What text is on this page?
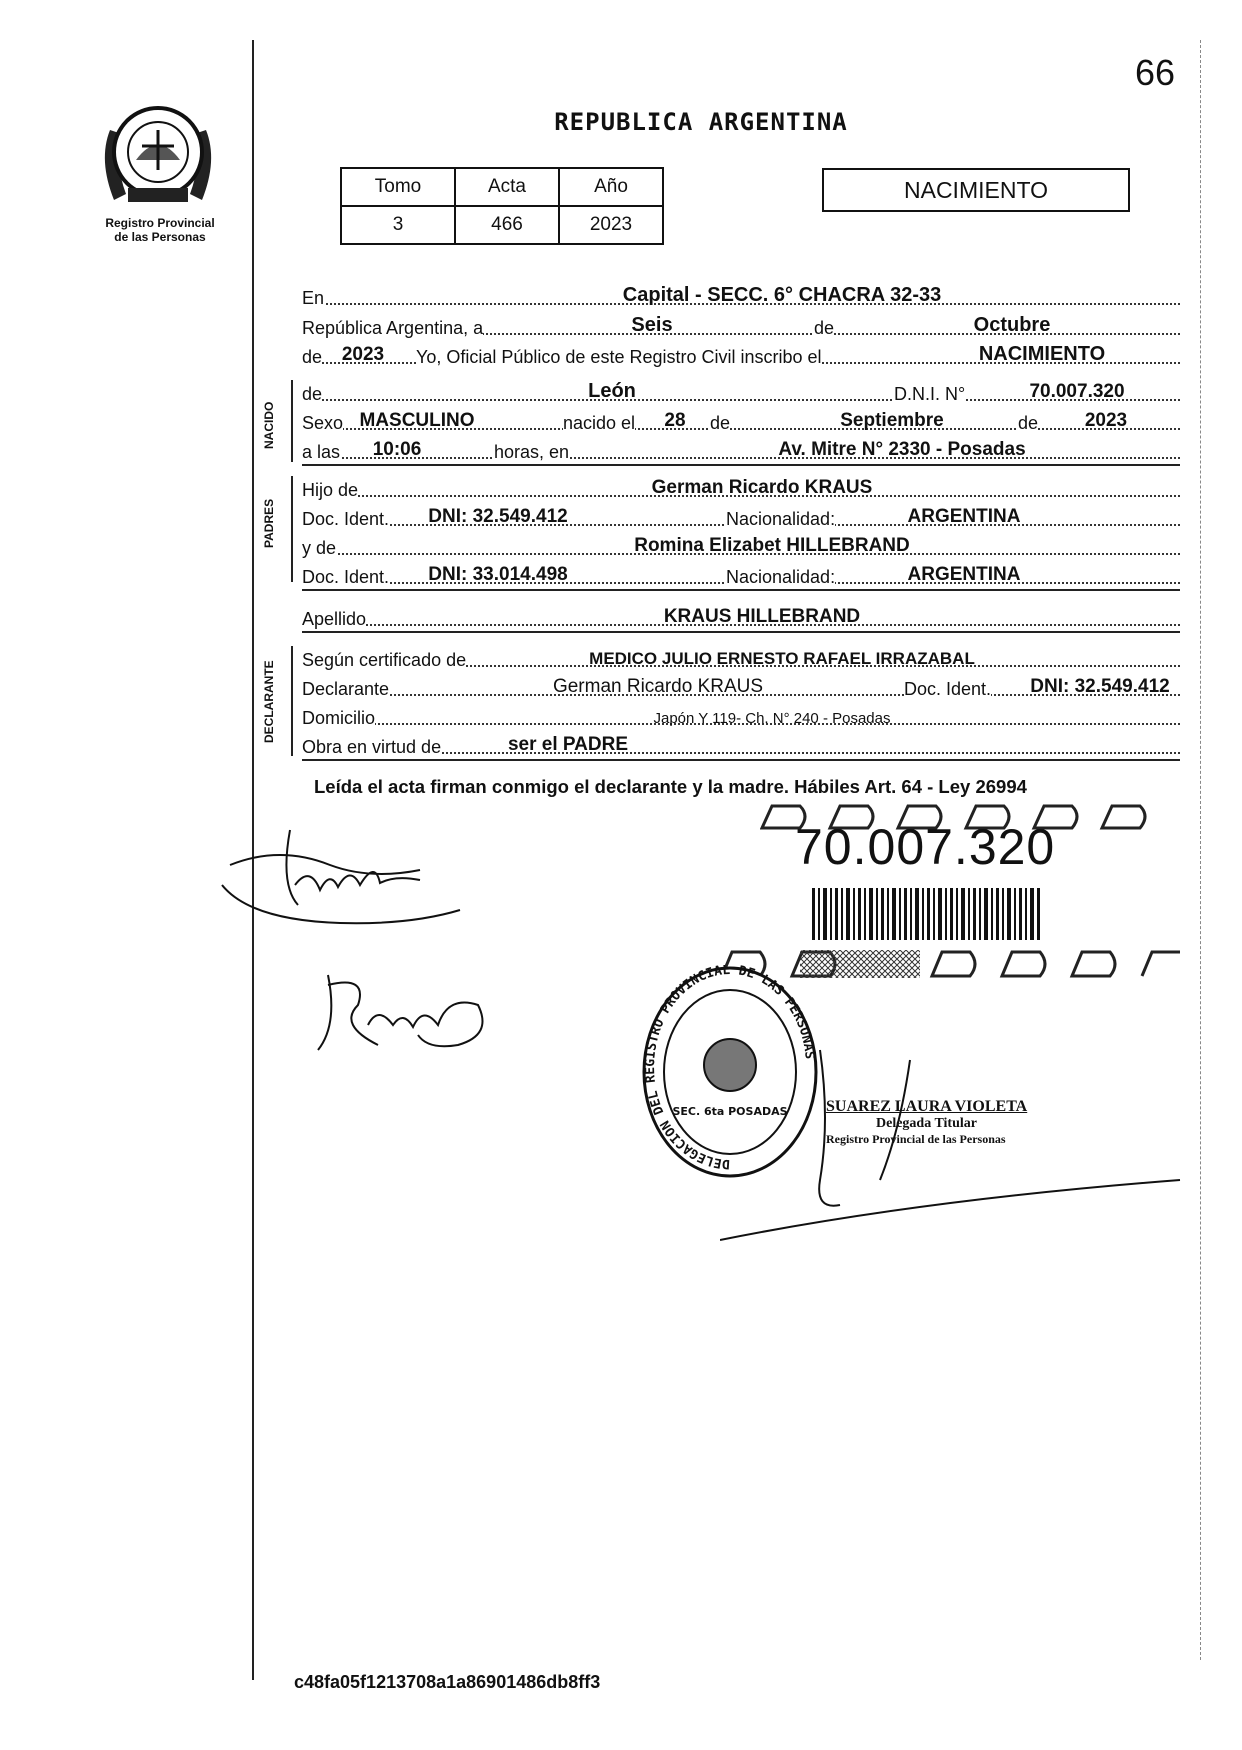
66
Registro Provincial
de las Personas
REPUBLICA ARGENTINA
Tomo	Acta	Año
3	466	2023
NACIMIENTO
En	Capital - SECC. 6° CHACRA 32-33
República Argentina, a	Seis	de	Octubre
de	2023	Yo, Oficial Público de este Registro Civil inscribo el	NACIMIENTO
NACIDO
de	León	D.N.I. N°	70.007.320
Sexo MASCULINO	nacido el 28 de	Septiembre	de	2023
a las	10:06	horas, en	Av. Mitre N° 2330 - Posadas
PADRES
Hijo de	German Ricardo KRAUS
Doc. Ident.	DNI: 32.549.412	Nacionalidad:	ARGENTINA
y de	Romina Elizabet HILLEBRAND
Doc. Ident.	DNI: 33.014.498	Nacionalidad:	ARGENTINA
Apellido	KRAUS HILLEBRAND
DECLARANTE
Según certificado de	MEDICO JULIO ERNESTO RAFAEL IRRAZABAL
Declarante	German Ricardo KRAUS	Doc. Ident.	DNI: 32.549.412
Domicilio	Japón Y 119- Ch. N° 240 - Posadas
Obra en virtud de	ser el PADRE
Leída el acta firman conmigo el declarante y la madre. Hábiles Art. 64 - Ley 26994
70.007.320
DELEGACION DEL REGISTRO PROVINCIAL DE LAS PERSONAS
SEC. 6ta POSADAS SUAREZ LAURA VIOLETA
Delegada Titular
Registro Provincial de las Personas
c48fa05f1213708a1a86901486db8ff3
